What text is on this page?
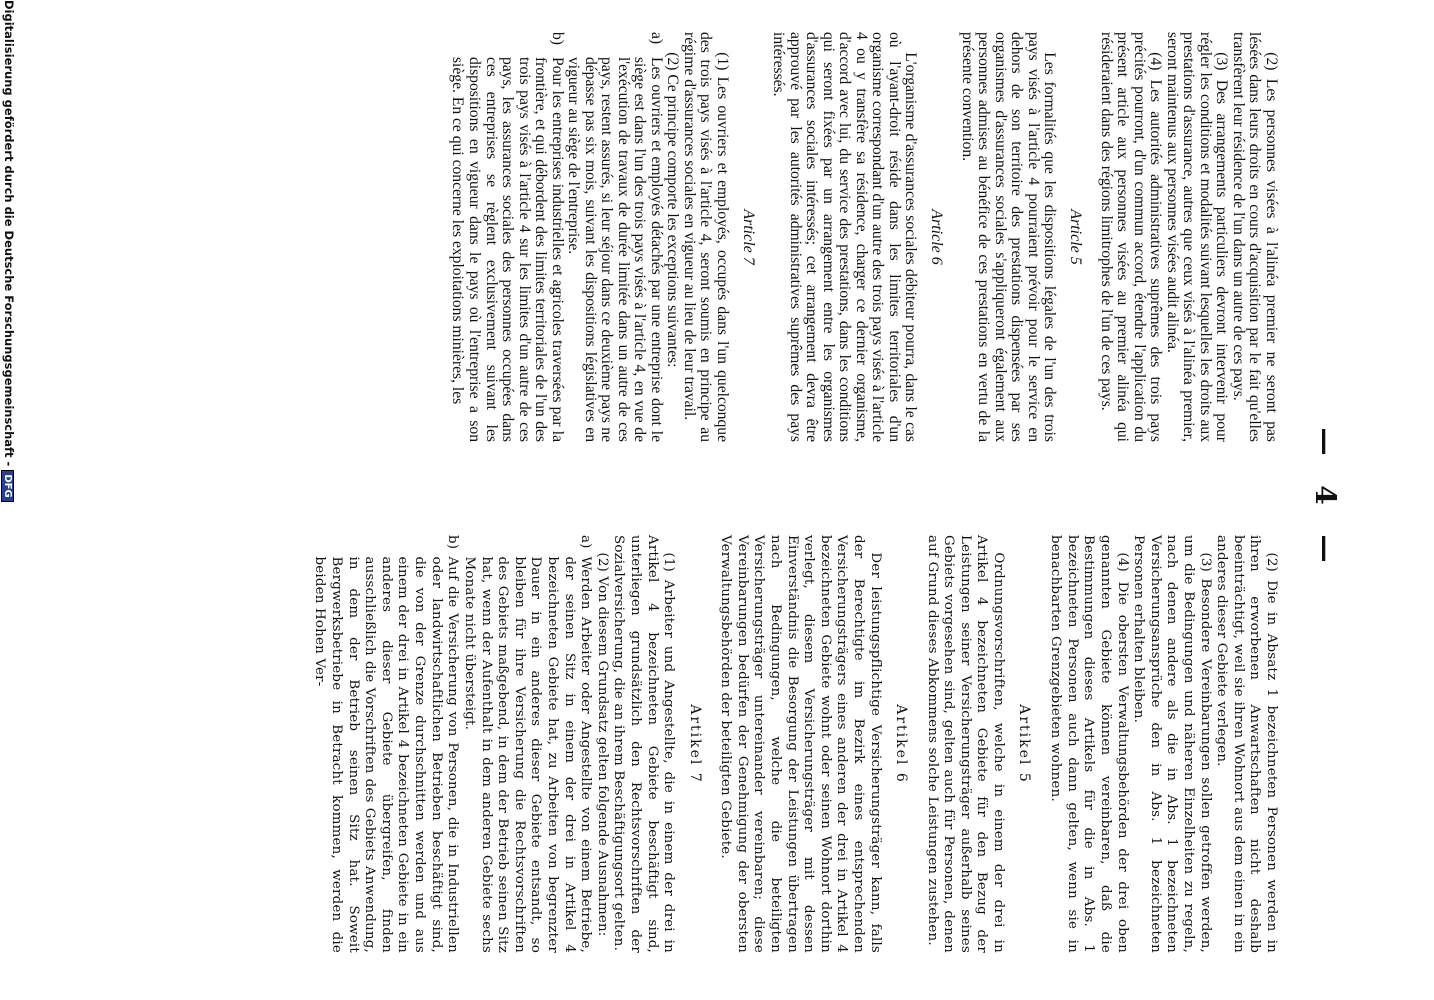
— 4 —

(2) Les personnes visées à l'alinéa premier ne seront pas lésées dans leurs droits en cours d'acquisition par le fait qu'elles transfèrent leur résidence de l'un dans un autre de ces pays.

(3) Des arrangements particuliers devront intervenir pour régler les conditions et modalités suivant lesquelles les droits aux prestations d'assurance, autres que ceux visés à l'alinéa premier, seront maintenus aux personnes visées audit alinéa.

(4) Les autorités administratives suprêmes des trois pays précités pourront, d'un commun accord, étendre l'application du présent article aux personnes visées au premier alinéa qui résideraient dans des régions limitrophes de l'un de ces pays.

Article 5

Les formalités que les dispositions légales de l'un des trois pays visés à l'article 4 pourraient prévoir pour le service en dehors de son territoire des prestations dispensées par ses organismes d'assurances sociales s'appliqueront également aux personnes admises au bénéfice de ces prestations en vertu de la présente convention.

Article 6

L'organisme d'assurances sociales débiteur pourra, dans le cas où l'ayant-droit réside dans les limites territoriales d'un organisme correspondant d'un autre des trois pays visés à l'article 4 ou y transfère sa résidence, charger ce dernier organisme, d'accord avec lui, du service des prestations, dans les conditions qui seront fixées par un arrangement entre les organismes d'assurances sociales intéressés; cet arrangement devra être approuvé par les autorités administratives suprêmes des pays intéressés.

Article 7

(1) Les ouvriers et employés, occupés dans l'un quelconque des trois pays visés à l'article 4, seront soumis en principe au régime d'assurances sociales en vigueur au lieu de leur travail.

(2) Ce principe comporte les exceptions suivantes:

a)
Les ouvriers et employés détachés par une entreprise dont le siège est dans l'un des trois pays visés à l'article 4, en vue de l'exécution de travaux de durée limitée dans un autre de ces pays, restent assurés, si leur séjour dans ce deuxième pays ne dépasse pas six mois, suivant les dispositions législatives en vigueur au siège de l'entreprise.

b)
Pour les entreprises industrielles et agricoles traversées par la frontière, et qui débordent des limites territoriales de l'un des trois pays visés à l'article 4 sur les limites d'un autre de ces pays, les assurances sociales des personnes occupées dans ces entreprises se règlent exclusivement suivant les dispositions en vigueur dans le pays où l'entreprise a son siège. En ce qui concerne les exploitations minières, les

(2) Die in Absatz 1 bezeichneten Personen werden in ihren erworbenen Anwartschaften nicht deshalb beeinträchtigt, weil sie ihren Wohnort aus dem einen in ein anderes dieser Gebiete verlegen.

(3) Besondere Vereinbarungen sollen getroffen werden, um die Bedingungen und näheren Einzelheiten zu regeln, nach denen andere als die in Abs. 1 bezeichneten Versicherungsansprüche den in Abs. 1 bezeichneten Personen erhalten bleiben.

(4) Die obersten Verwaltungsbehörden der drei oben genannten Gebiete können vereinbaren, daß die Bestimmungen dieses Artikels für die in Abs. 1 bezeichneten Personen auch dann gelten, wenn sie in benachbarten Grenzgebieten wohnen.

Artikel 5

Ordnungsvorschriften, welche in einem der drei in Artikel 4 bezeichneten Gebiete für den Bezug der Leistungen seiner Versicherungsträger außerhalb seines Gebiets vorgesehen sind, gelten auch für Personen, denen auf Grund dieses Abkommens solche Leistungen zustehen.

Artikel 6

Der leistungspflichtige Versicherungsträger kann, falls der Berechtigte im Bezirk eines entsprechenden Versicherungsträgers eines anderen der drei in Artikel 4 bezeichneten Gebiete wohnt oder seinen Wohnort dorthin verlegt, diesem Versicherungsträger mit dessen Einverständnis die Besorgung der Leistungen übertragen nach Bedingungen, welche die beteiligten Versicherungsträger untereinander vereinbaren; diese Vereinbarungen bedürfen der Genehmigung der obersten Verwaltungsbehörden der beteiligten Gebiete.

Artikel 7

(1) Arbeiter und Angestellte, die in einem der drei in Artikel 4 bezeichneten Gebiete beschäftigt sind, unterliegen grundsätzlich den Rechtsvorschriften der Sozialversicherung, die an ihrem Beschäftigungsort gelten.

(2) Von diesem Grundsatz gelten folgende Ausnahmen:

a)
Werden Arbeiter oder Angestellte von einem Betriebe, der seinen Sitz in einem der drei in Artikel 4 bezeichneten Gebiete hat, zu Arbeiten von begrenzter Dauer in ein anderes dieser Gebiete entsandt, so bleiben für ihre Versicherung die Rechtsvorschriften des Gebiets maßgebend, in dem der Betrieb seinen Sitz hat, wenn der Aufenthalt in dem anderen Gebiete sechs Monate nicht übersteigt.

b)
Auf die Versicherung von Personen, die in Industriellen oder landwirtschaftlichen Betrieben beschäftigt sind, die von der Grenze durchschnitten werden und aus einem der drei in Artikel 4 bezeichneten Gebiete in ein anderes dieser Gebiete übergreifen, finden ausschließlich die Vorschriften des Gebiets Anwendung, in dem der Betrieb seinen Sitz hat. Soweit Bergwerksbetriebe in Betracht kommen, werden die beiden Hohen Ver-

Digitalisierung gefördert durch die Deutsche Forschungsgemeinschaft -DFG
